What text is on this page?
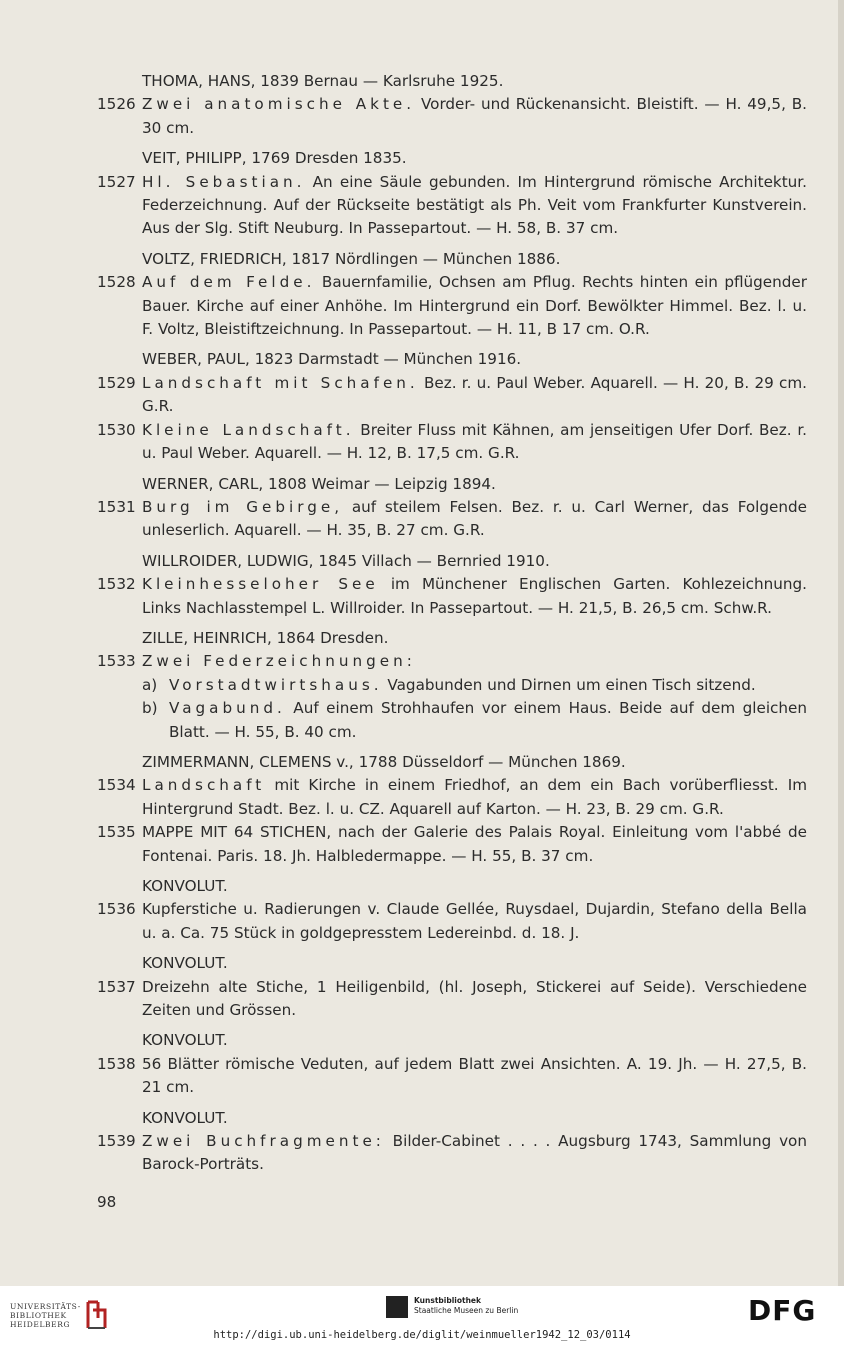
THOMA, HANS, 1839 Bernau — Karlsruhe 1925.
1526 Zwei anatomische Akte. Vorder- und Rückenansicht. Bleistift. — H. 49,5, B. 30 cm.
VEIT, PHILIPP, 1769 Dresden 1835.
1527 Hl. Sebastian. An eine Säule gebunden. Im Hintergrund römische Architektur. Federzeichnung. Auf der Rückseite bestätigt als Ph. Veit vom Frankfurter Kunstverein. Aus der Slg. Stift Neuburg. In Passepartout. — H. 58, B. 37 cm.
VOLTZ, FRIEDRICH, 1817 Nördlingen — München 1886.
1528 Auf dem Felde. Bauernfamilie, Ochsen am Pflug. Rechts hinten ein pflügender Bauer. Kirche auf einer Anhöhe. Im Hintergrund ein Dorf. Bewölkter Himmel. Bez. l. u. F. Voltz, Bleistiftzeichnung. In Passepartout. — H. 11, B 17 cm. O.R.
WEBER, PAUL, 1823 Darmstadt — München 1916.
1529 Landschaft mit Schafen. Bez. r. u. Paul Weber. Aquarell. — H. 20, B. 29 cm. G.R.
1530 Kleine Landschaft. Breiter Fluss mit Kähnen, am jenseitigen Ufer Dorf. Bez. r. u. Paul Weber. Aquarell. — H. 12, B. 17,5 cm. G.R.
WERNER, CARL, 1808 Weimar — Leipzig 1894.
1531 Burg im Gebirge, auf steilem Felsen. Bez. r. u. Carl Werner, das Folgende unleserlich. Aquarell. — H. 35, B. 27 cm. G.R.
WILLROIDER, LUDWIG, 1845 Villach — Bernried 1910.
1532 Kleinhesseloher See im Münchener Englischen Garten. Kohlezeichnung. Links Nachlasstempel L. Willroider. In Passepartout. — H. 21,5, B. 26,5 cm. Schw.R.
ZILLE, HEINRICH, 1864 Dresden.
1533 Zwei Federzeichnungen:
a) Vorstadtwirtshaus. Vagabunden und Dirnen um einen Tisch sitzend.
b) Vagabund. Auf einem Strohhaufen vor einem Haus. Beide auf dem gleichen Blatt. — H. 55, B. 40 cm.
ZIMMERMANN, CLEMENS v., 1788 Düsseldorf — München 1869.
1534 Landschaft mit Kirche in einem Friedhof, an dem ein Bach vorüberfliesst. Im Hintergrund Stadt. Bez. l. u. CZ. Aquarell auf Karton. — H. 23, B. 29 cm. G.R.
1535 MAPPE MIT 64 STICHEN, nach der Galerie des Palais Royal. Einleitung vom l'abbé de Fontenai. Paris. 18. Jh. Halbledermappe. — H. 55, B. 37 cm.
KONVOLUT.
1536 Kupferstiche u. Radierungen v. Claude Gellée, Ruysdael, Dujardin, Stefano della Bella u. a. Ca. 75 Stück in goldgepresstem Ledereinbd. d. 18. J.
KONVOLUT.
1537 Dreizehn alte Stiche, 1 Heiligenbild, (hl. Joseph, Stickerei auf Seide). Verschiedene Zeiten und Grössen.
KONVOLUT.
1538 56 Blätter römische Veduten, auf jedem Blatt zwei Ansichten. A. 19. Jh. — H. 27,5, B. 21 cm.
KONVOLUT.
1539 Zwei Buchfragmente: Bilder-Cabinet . . . . Augsburg 1743, Sammlung von Barock-Porträts.
98
UNIVERSITÄTS-
BIBLIOTHEK
HEIDELBERG
Kunstbibliothek
Staatliche Museen zu Berlin	DFG
http://digi.ub.uni-heidelberg.de/diglit/weinmueller1942_12_03/0114
